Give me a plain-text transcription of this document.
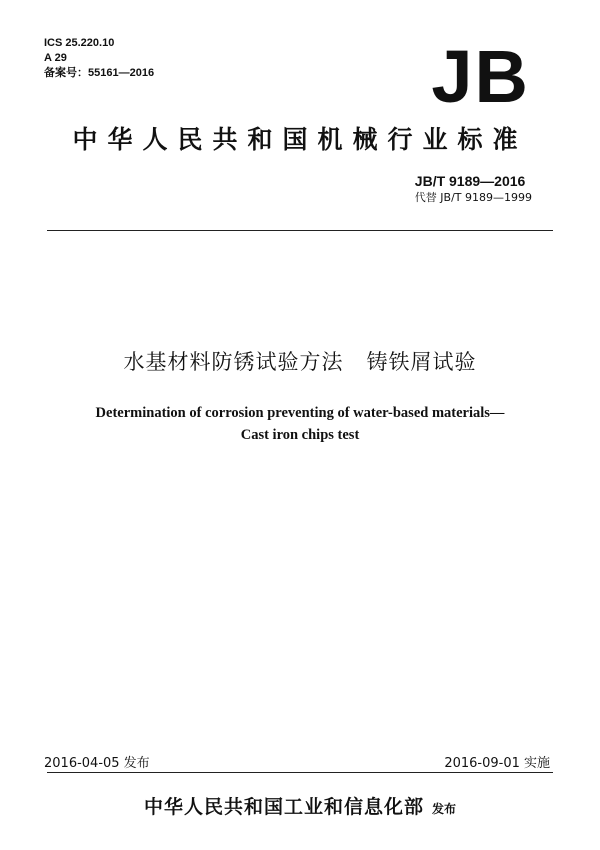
ICS 25.220.10
A 29
备案号：55161—2016	JB
中华人民共和国机械行业标准
JB/T 9189—2016
代替 JB/T 9189—1999
水基材料防锈试验方法   铸铁屑试验
Determination of corrosion preventing of water-based materials—
Cast iron chips test
2016-04-05 发布	2016-09-01 实施
中华人民共和国工业和信息化部 发布
